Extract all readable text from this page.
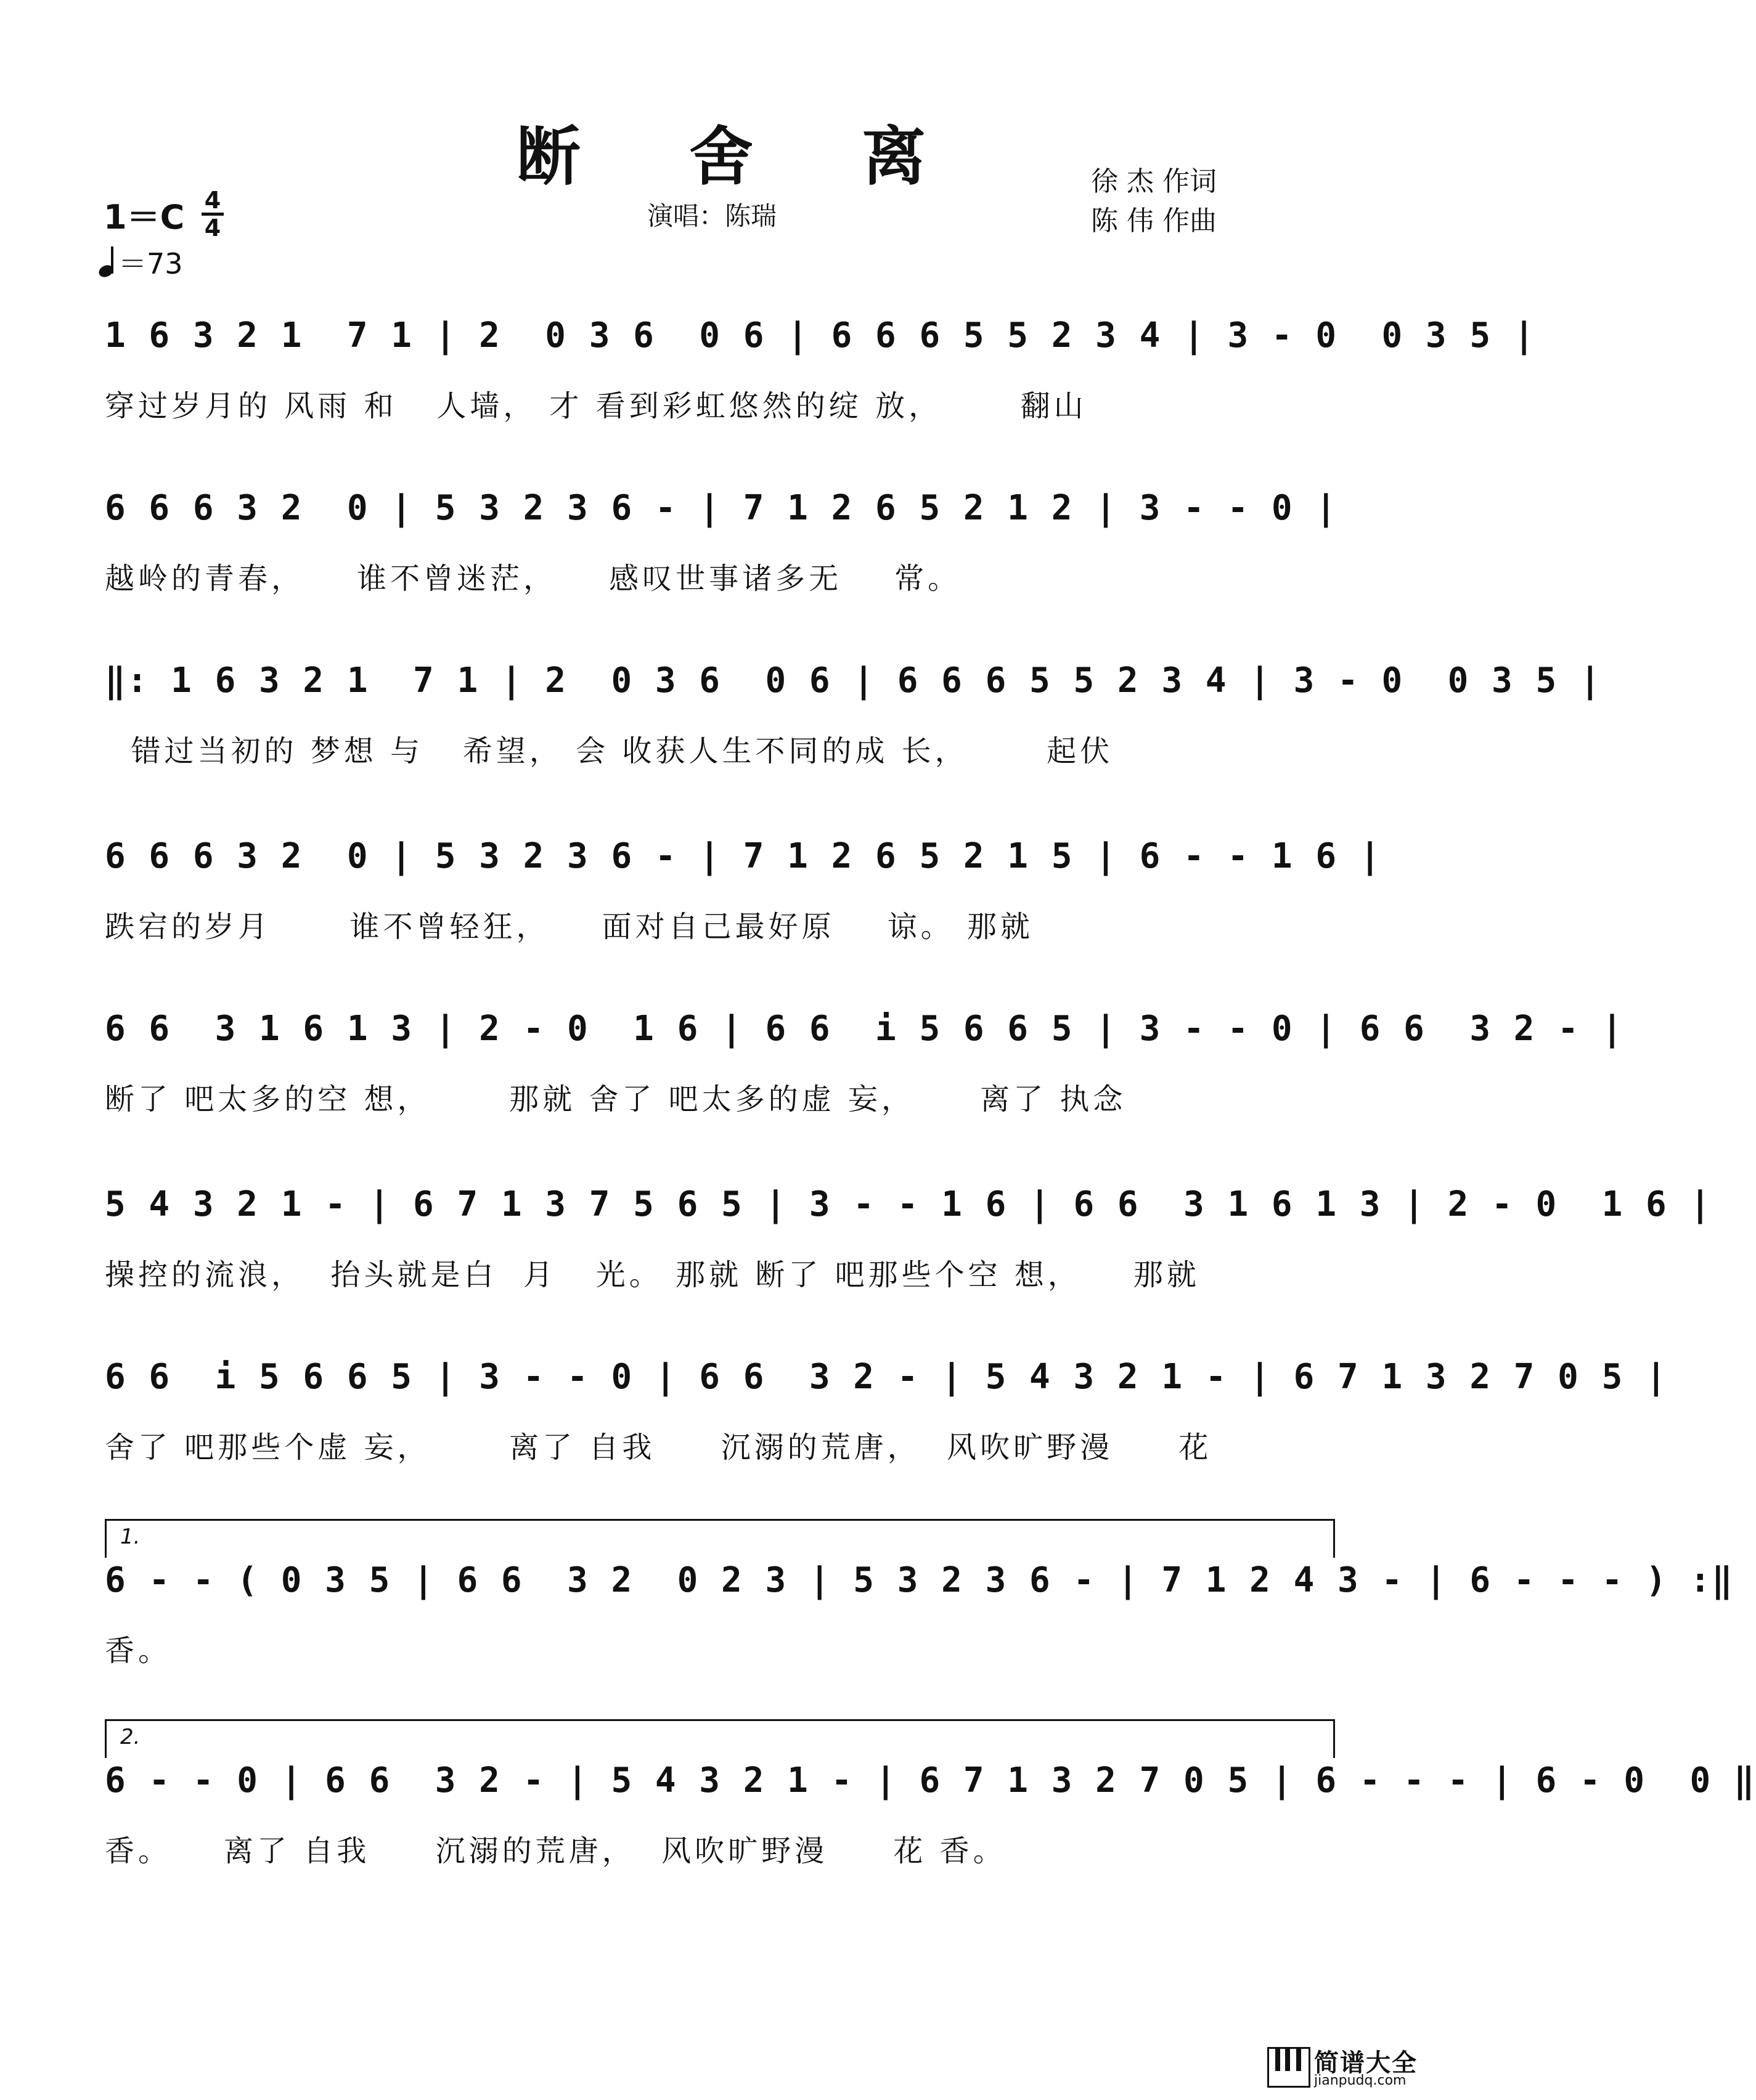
断 舍 离	徐 杰 作词
陈 伟 作曲
演唱：陈瑞
1＝C 4
4
＝73
1 6 3 2 1  7 1 | 2  0 3 6  0 6 | 6 6 6 5 5 2 3 4 | 3 - 0  0 3 5 |
穿过岁月的 风雨 和   人墙， 才 看到彩虹悠然的绽 放，      翻山
6 6 6 3 2  0 | 5 3 2 3 6 - | 7 1 2 6 5 2 1 2 | 3 - - 0 |
越岭的青春，    谁不曾迷茫，    感叹世事诸多无    常。
‖: 1 6 3 2 1  7 1 | 2  0 3 6  0 6 | 6 6 6 5 5 2 3 4 | 3 - 0  0 3 5 |
错过当初的 梦想 与   希望， 会 收获人生不同的成 长，      起伏
6 6 6 3 2  0 | 5 3 2 3 6 - | 7 1 2 6 5 2 1 5 | 6 - - 1 6 |
跌宕的岁月      谁不曾轻狂，    面对自己最好原    谅。 那就
6 6  3 1 6 1 3 | 2 - 0  1 6 | 6 6  i 5 6 6 5 | 3 - - 0 | 6 6  3 2 - |
断了 吧太多的空 想，      那就 舍了 吧太多的虚 妄，     离了 执念
5 4 3 2 1 - | 6 7 1 3 7 5 6 5 | 3 - - 1 6 | 6 6  3 1 6 1 3 | 2 - 0  1 6 |
操控的流浪，  抬头就是白  月   光。 那就 断了 吧那些个空 想，    那就
6 6  i 5 6 6 5 | 3 - - 0 | 6 6  3 2 - | 5 4 3 2 1 - | 6 7 1 3 2 7 0 5 |
舍了 吧那些个虚 妄，      离了 自我     沉溺的荒唐，  风吹旷野漫     花
1.
6 - - ( 0 3 5 | 6 6  3 2  0 2 3 | 5 3 2 3 6 - | 7 1 2 4 3 - | 6 - - - ) :‖
香。
2.
6 - - 0 | 6 6  3 2 - | 5 4 3 2 1 - | 6 7 1 3 2 7 0 5 | 6 - - - | 6 - 0  0 ‖
香。    离了 自我     沉溺的荒唐，  风吹旷野漫     花 香。
简谱大全
jianpudq.com
